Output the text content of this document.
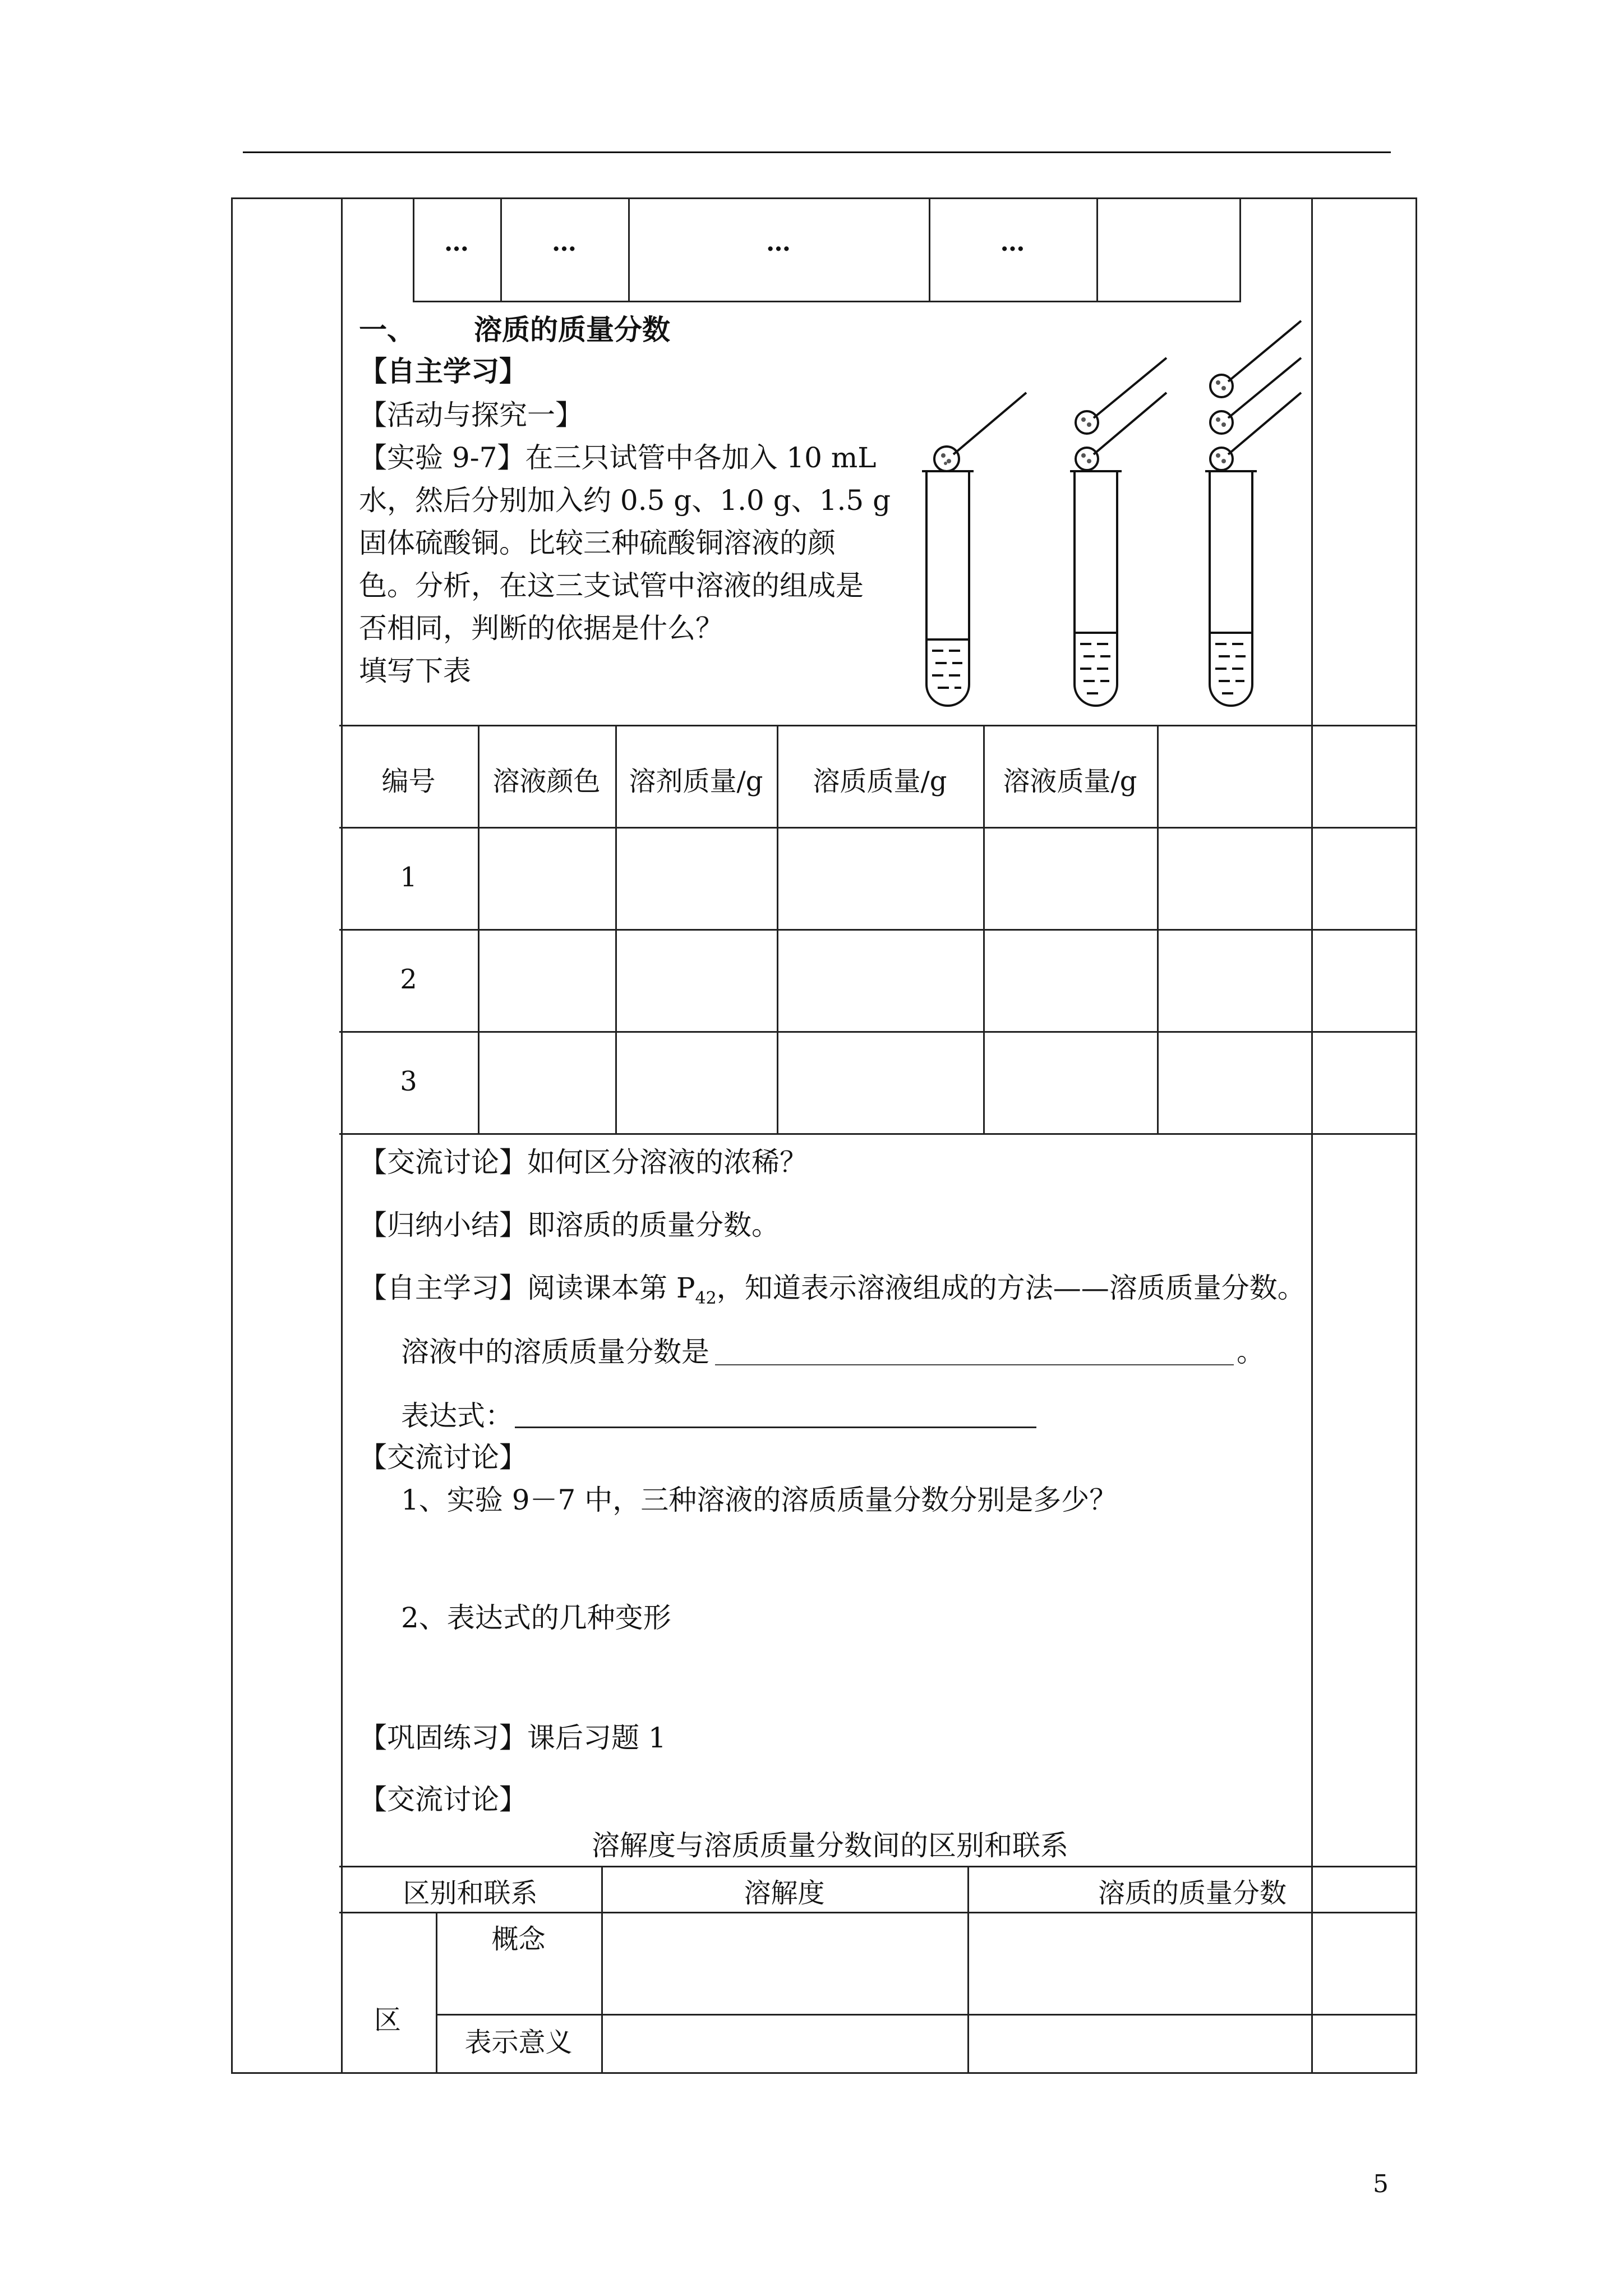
…	…	…	…
一、 溶质的质量分数
【自主学习】
【活动与探究一】
【实验 9-7】在三只试管中各加入 10 mL
水，然后分别加入约 0.5 g、1.0 g、1.5 g
固体硫酸铜。比较三种硫酸铜溶液的颜
色。分析，在这三支试管中溶液的组成是
否相同，判断的依据是什么？
填写下表
编号	溶液颜色	溶剂质量/g	溶质质量/g	溶液质量/g
1
2
3
【交流讨论】如何区分溶液的浓稀？
【归纳小结】即溶质的质量分数。
【自主学习】阅读课本第 $P_{42}$，知道表示溶液组成的方法——溶质质量分数。
溶液中的溶质质量分数是	。
表达式：
【交流讨论】
1、实验 9－7 中，三种溶液的溶质质量分数分别是多少？
2、表达式的几种变形
【巩固练习】课后习题 1
【交流讨论】
溶解度与溶质质量分数间的区别和联系
区别和联系	溶解度	溶质的质量分数
区
概念
表示意义
5
